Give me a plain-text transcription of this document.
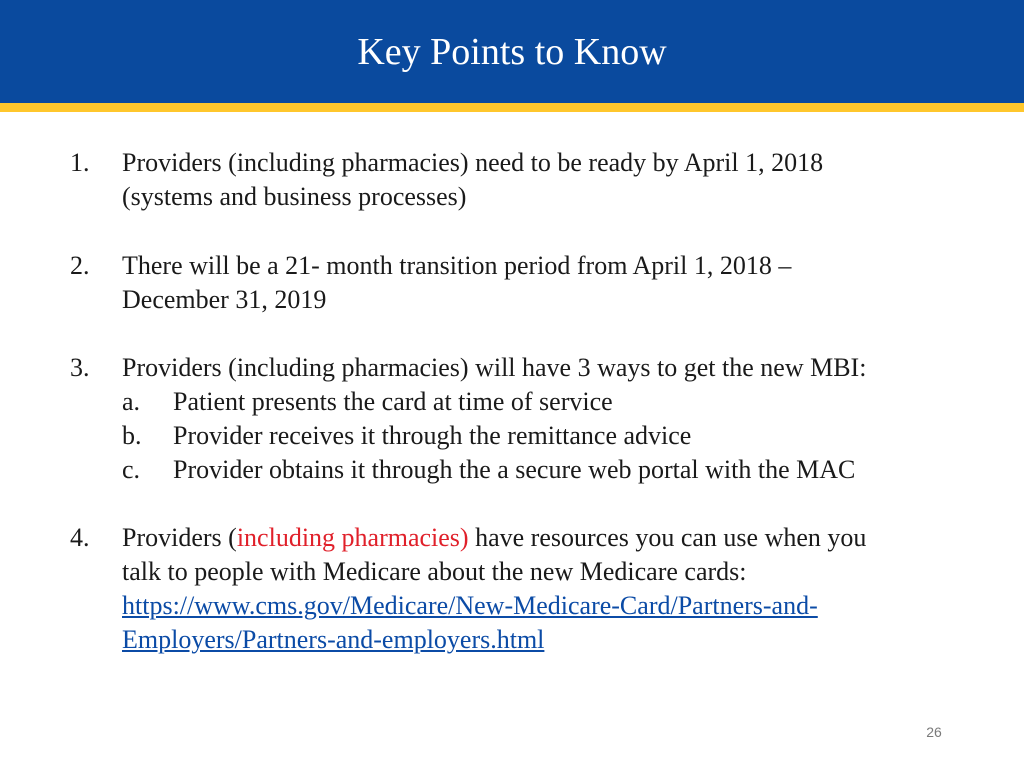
Key Points to Know
1. Providers (including pharmacies) need to be ready by April 1, 2018
(systems and business processes)
2. There will be a 21- month transition period from April 1, 2018 –
December 31, 2019
3. Providers (including pharmacies) will have 3 ways to get the new MBI:
a. Patient presents the card at time of service
b. Provider receives it through the remittance advice
c. Provider obtains it through the a secure web portal with the MAC
4. Providers (including pharmacies) have resources you can use when you
talk to people with Medicare about the new Medicare cards:
https://www.cms.gov/Medicare/New-Medicare-Card/Partners-and-
Employers/Partners-and-employers.html
26
